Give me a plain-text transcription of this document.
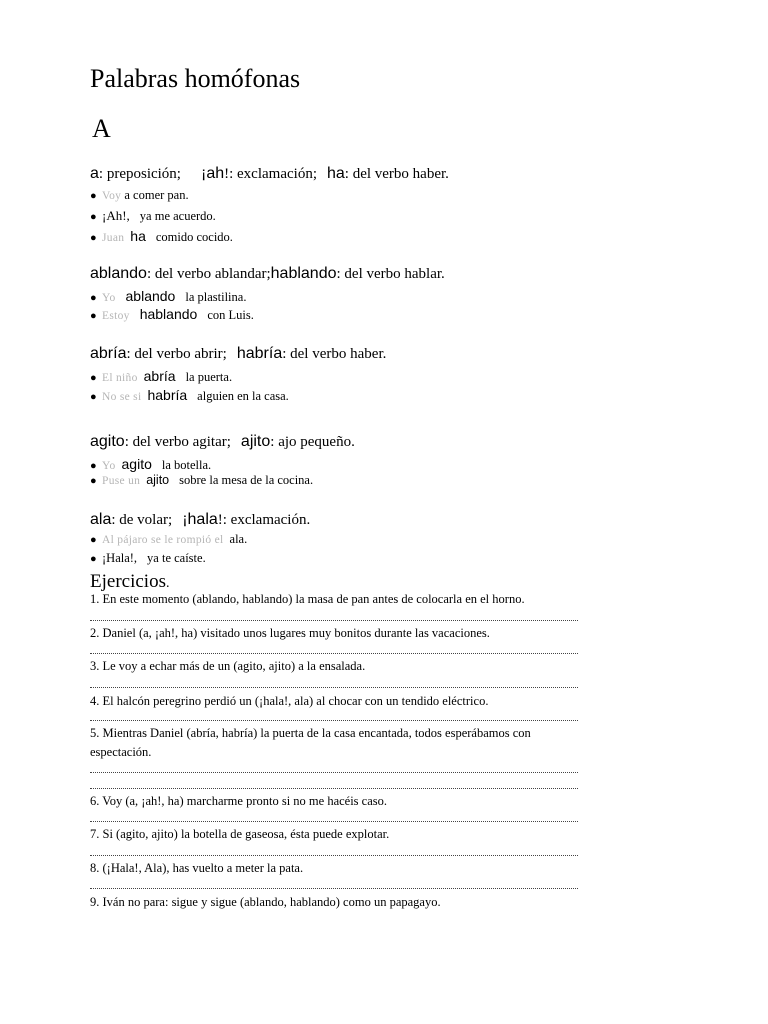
Palabras homófonas
A
a: preposición; ¡ah!: exclamación; ha: del verbo haber.
● Voy a comer pan.
● ¡Ah!, ya me acuerdo.
● Juan ha comido cocido.
ablando: del verbo ablandar;hablando: del verbo hablar.
● Yo ablando la plastilina.
● Estoy hablando con Luis.
abría: del verbo abrir; habría: del verbo haber.
● El niño abría la puerta.
● No se si habría alguien en la casa.
agito: del verbo agitar; ajito: ajo pequeño.
● Yo agito la botella.
● Puse un ajito sobre la mesa de la cocina.
ala: de volar; ¡hala!: exclamación.
● Al pájaro se le rompió el ala.
● ¡Hala!, ya te caíste.
Ejercicios.
1. En este momento (ablando, hablando) la masa de pan antes de colocarla en el horno.
2. Daniel (a, ¡ah!, ha) visitado unos lugares muy bonitos durante las vacaciones.
3. Le voy a echar más de un (agito, ajito) a la ensalada.
4. El halcón peregrino perdió un (¡hala!, ala) al chocar con un tendido eléctrico.
5. Mientras Daniel (abría, habría) la puerta de la casa encantada, todos esperábamos con
espectación.
6. Voy (a, ¡ah!, ha) marcharme pronto si no me hacéis caso.
7. Si (agito, ajito) la botella de gaseosa, ésta puede explotar.
8. (¡Hala!, Ala), has vuelto a meter la pata.
9. Iván no para: sigue y sigue (ablando, hablando) como un papagayo.
